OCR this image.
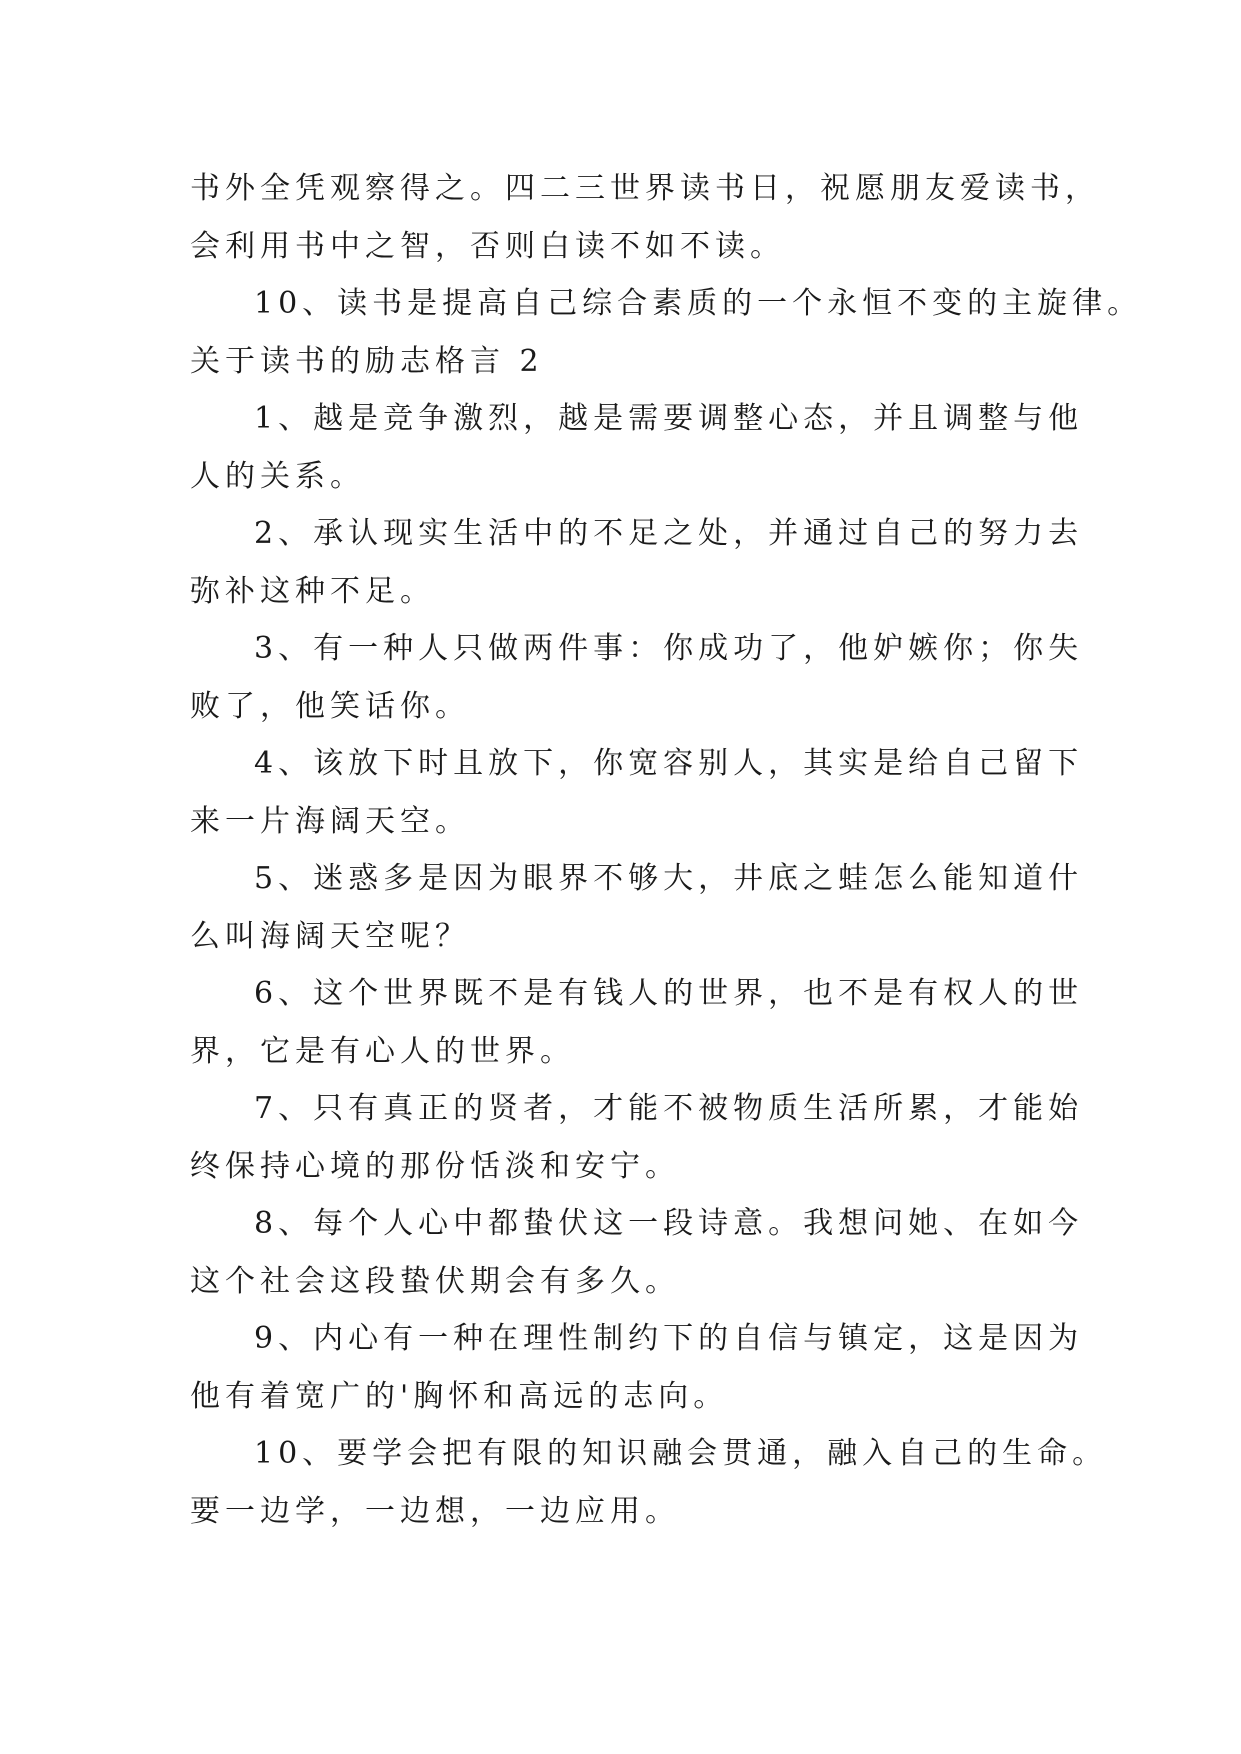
书外全凭观察得之。四二三世界读书日，祝愿朋友爱读书，

会利用书中之智，否则白读不如不读。

10、读书是提高自己综合素质的一个永恒不变的主旋律。

关于读书的励志格言 2

1、越是竞争激烈，越是需要调整心态，并且调整与他

人的关系。

2、承认现实生活中的不足之处，并通过自己的努力去

弥补这种不足。

3、有一种人只做两件事：你成功了，他妒嫉你；你失

败了，他笑话你。

4、该放下时且放下，你宽容别人，其实是给自己留下

来一片海阔天空。

5、迷惑多是因为眼界不够大，井底之蛙怎么能知道什

么叫海阔天空呢？

6、这个世界既不是有钱人的世界，也不是有权人的世

界，它是有心人的世界。

7、只有真正的贤者，才能不被物质生活所累，才能始

终保持心境的那份恬淡和安宁。

8、每个人心中都蛰伏这一段诗意。我想问她、在如今

这个社会这段蛰伏期会有多久。

9、内心有一种在理性制约下的自信与镇定，这是因为

他有着宽广的'胸怀和高远的志向。

10、要学会把有限的知识融会贯通，融入自己的生命。

要一边学，一边想，一边应用。
